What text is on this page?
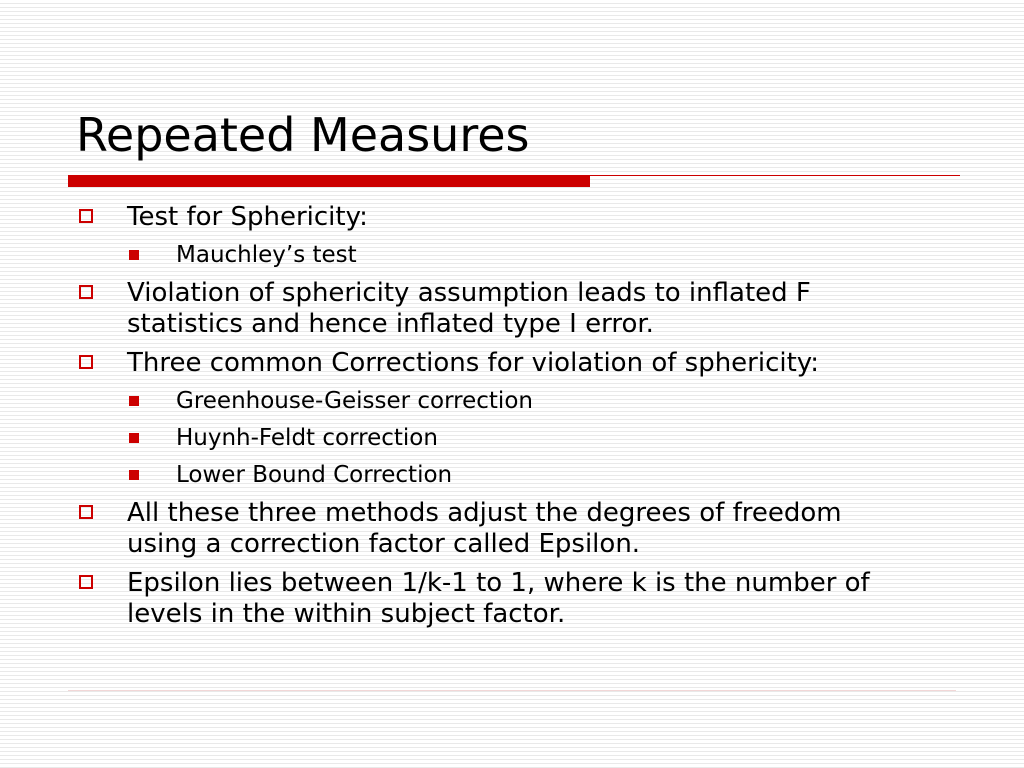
Repeated Measures
Test for Sphericity:
Mauchley’s test
Violation of sphericity assumption leads to inflated F
statistics and hence inflated type I error.
Three common Corrections for violation of sphericity:
Greenhouse-Geisser correction
Huynh-Feldt correction
Lower Bound Correction
All these three methods adjust the degrees of freedom
using a correction factor called Epsilon.
Epsilon lies between 1/k-1 to 1, where k is the number of
levels in the within subject factor.
